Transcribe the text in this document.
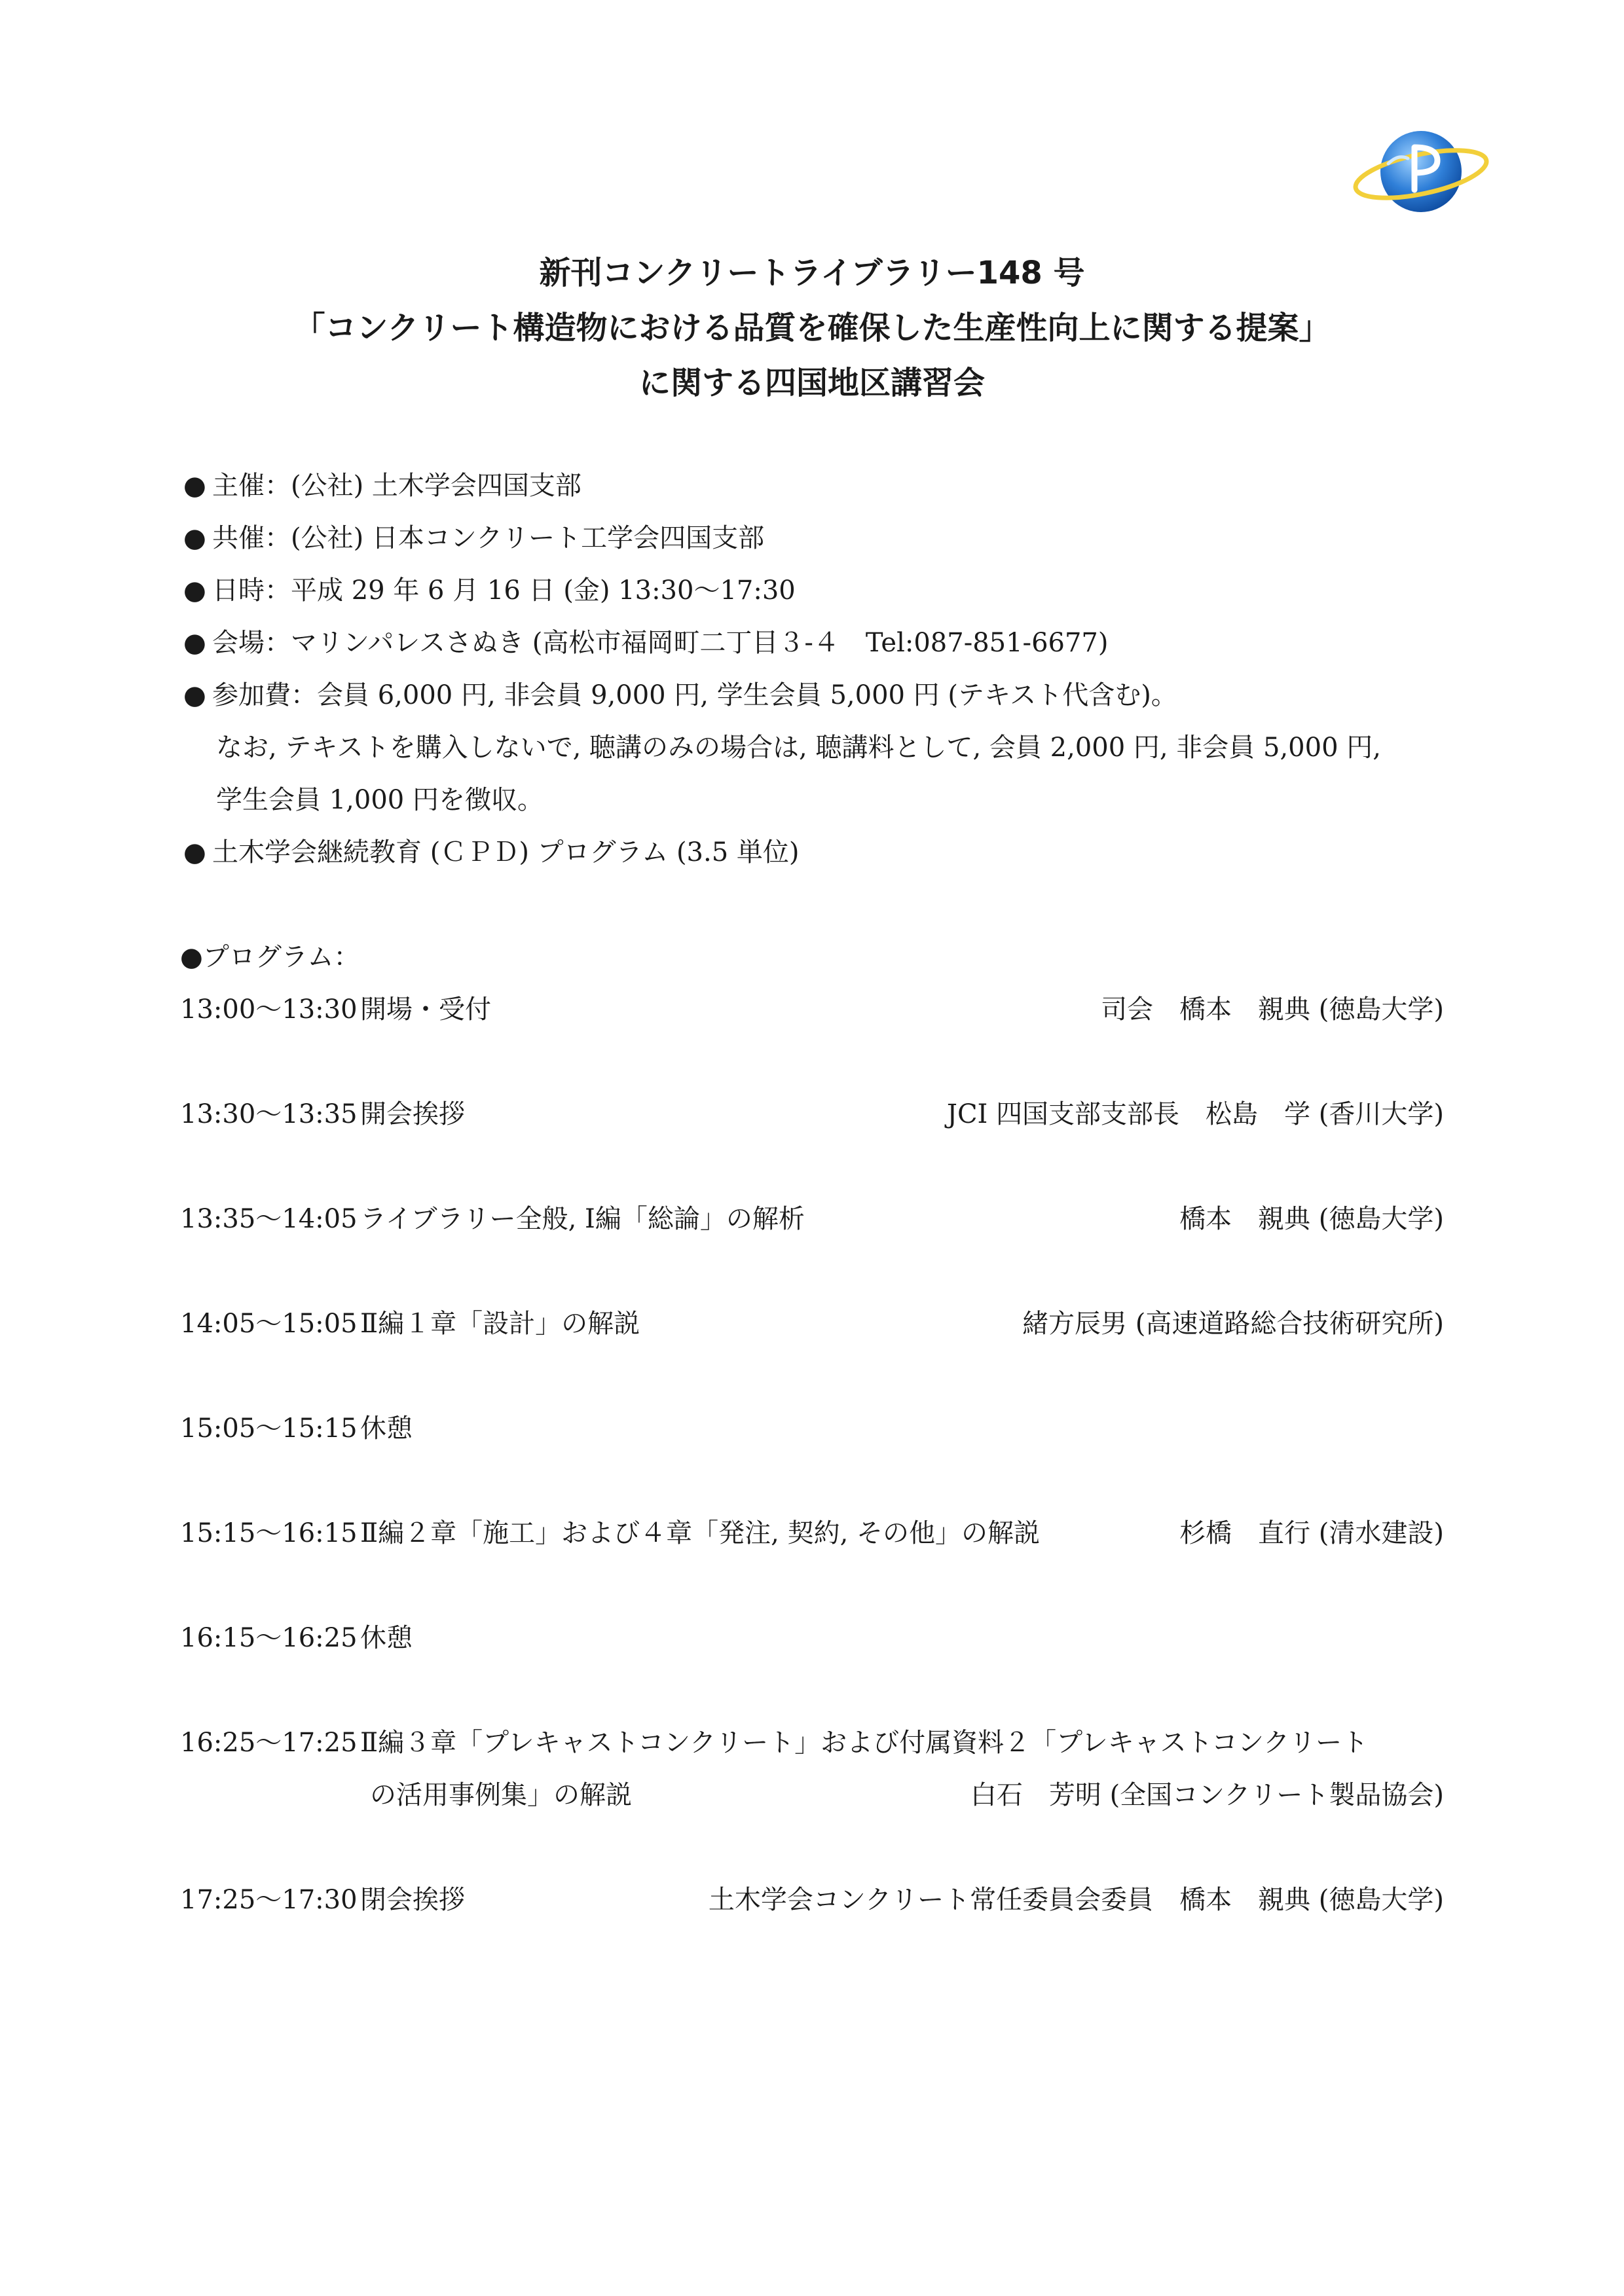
新刊コンクリートライブラリー148 号
「コンクリート構造物における品質を確保した生産性向上に関する提案」
に関する四国地区講習会
● 主催：(公社) 土木学会四国支部
● 共催：(公社) 日本コンクリート工学会四国支部
● 日時：平成 29 年 6 月 16 日 (金) 13:30〜17:30
● 会場：マリンパレスさぬき (高松市福岡町二丁目３-４　Tel:087-851-6677)
● 参加費：会員 6,000 円, 非会員 9,000 円, 学生会員 5,000 円 (テキスト代含む)。
なお, テキストを購入しないで, 聴講のみの場合は, 聴講料として, 会員 2,000 円, 非会員 5,000 円,
学生会員 1,000 円を徴収。
● 土木学会継続教育 (ＣＰＤ) プログラム (3.5 単位)
●プログラム：
13:00〜13:30 開場・受付	司会　橋本　親典 (徳島大学)
13:30〜13:35 開会挨拶	JCI 四国支部支部長　松島　学 (香川大学)
13:35〜14:05 ライブラリー全般, Ⅰ編「総論」の解析	橋本　親典 (徳島大学)
14:05〜15:05 Ⅱ編１章「設計」の解説	緒方辰男 (高速道路総合技術研究所)
15:05〜15:15 休憩
15:15〜16:15 Ⅱ編２章「施工」および４章「発注, 契約, その他」の解説	杉橋　直行 (清水建設)
16:15〜16:25 休憩
16:25〜17:25 Ⅱ編３章「プレキャストコンクリート」および付属資料２「プレキャストコンクリート
の活用事例集」の解説	白石　芳明 (全国コンクリート製品協会)
17:25〜17:30 閉会挨拶	土木学会コンクリート常任委員会委員　橋本　親典 (徳島大学)
